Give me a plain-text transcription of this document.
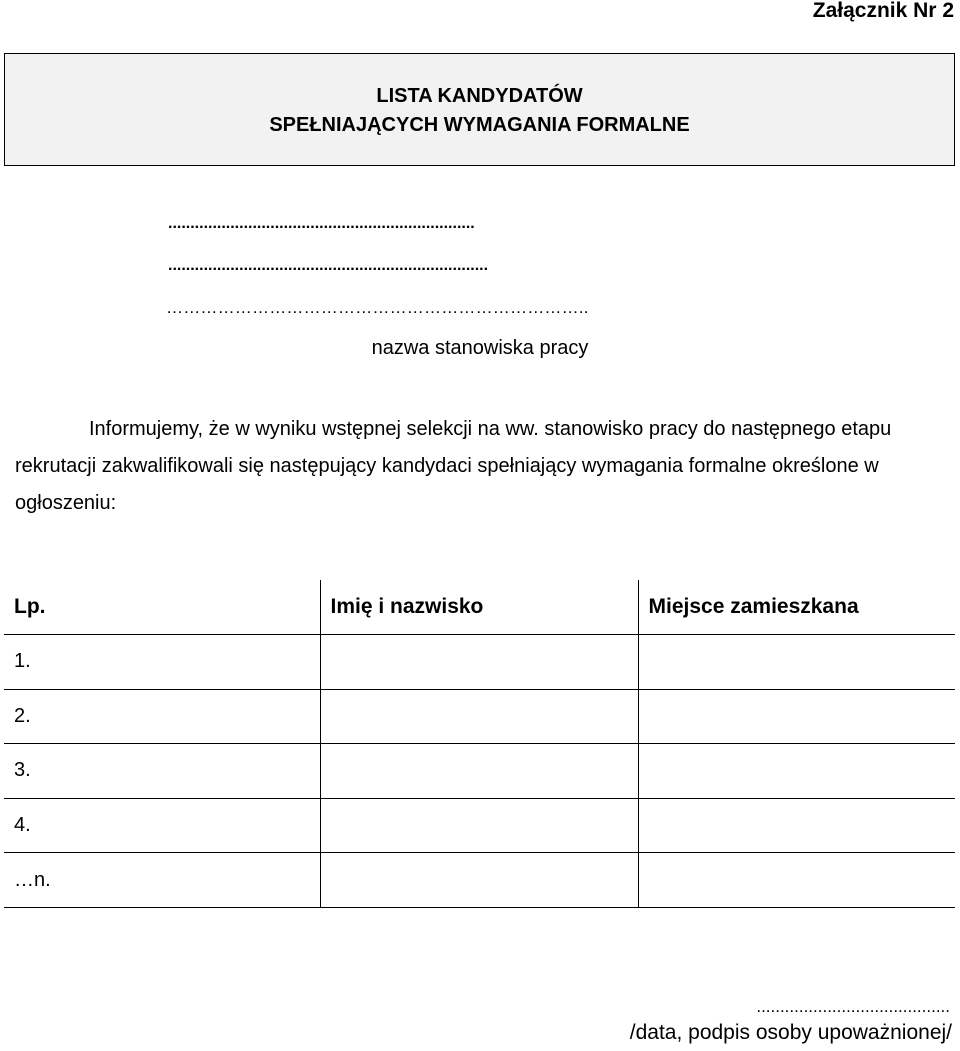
Załącznik Nr 2

LISTA KANDYDATÓW
SPEŁNIAJĄCYCH WYMAGANIA FORMALNE
.....................................................................
........................................................................
………………………………………………………………..
nazwa stanowiska pracy

Informujemy, że w wyniku wstępnej selekcji na ww. stanowisko pracy do następnego etapu rekrutacji zakwalifikowali się następujący kandydaci spełniający wymagania formalne określone w ogłoszeniu:

Lp.	Imię i nazwisko	Miejsce zamieszkana
1.		
2.		
3.		
4.		
…n.		
.........................................
/data, podpis osoby upoważnionej/
